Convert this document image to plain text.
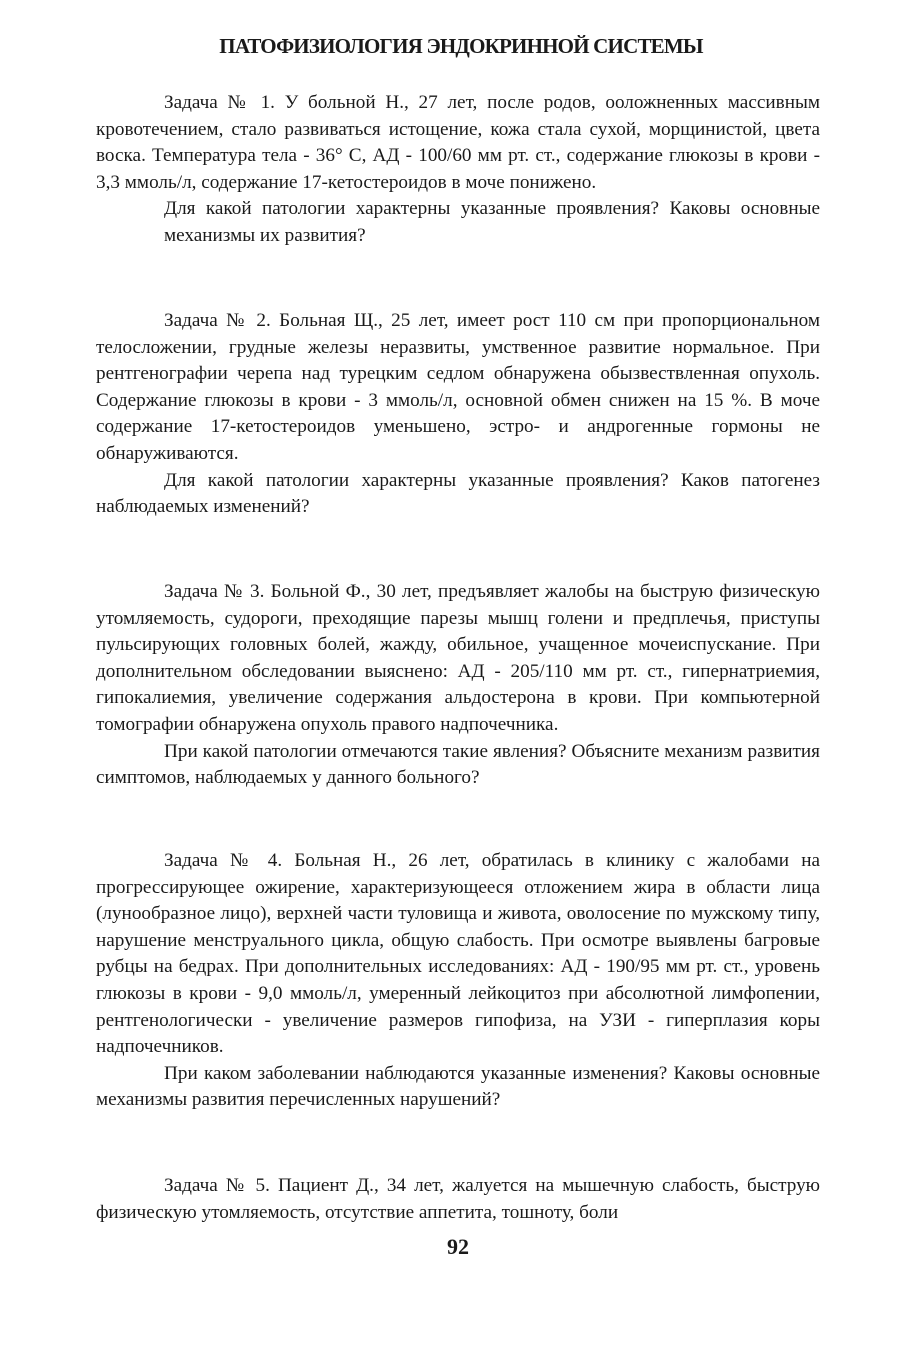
ПАТОФИЗИОЛОГИЯ ЭНДОКРИННОЙ СИСТЕМЫ

Задача № 1. У больной Н., 27 лет, после родов, ооложненных массивным кровотечением, стало развиваться истощение, кожа стала сухой, морщинистой, цвета воска. Температура тела - 36° С, АД - 100/60 мм рт. ст., содержание глюкозы в крови - 3,3 ммоль/л, содержание 17-кетостероидов в моче понижено.

Для какой патологии характерны указанные проявления? Каковы основные механизмы их развития?

Задача № 2. Больная Щ., 25 лет, имеет рост 110 см при пропорциональном телосложении, грудные железы неразвиты, умственное развитие нормальное. При рентгенографии черепа над турецким седлом обнаружена обызвествленная опухоль. Содержание глюкозы в крови - 3 ммоль/л, основной обмен снижен на 15 %. В моче содержание 17-кетостероидов уменьшено, эстро- и андрогенные гормоны не обнаруживаются.

Для какой патологии характерны указанные проявления? Каков патогенез наблюдаемых изменений?

Задача № 3. Больной Ф., 30 лет, предъявляет жалобы на быструю физическую утомляемость, судороги, преходящие парезы мышц голени и предплечья, приступы пульсирующих головных болей, жажду, обильное, учащенное мочеиспускание. При дополнительном обследовании выяснено: АД - 205/110 мм рт. ст., гипернатриемия, гипокалиемия, увеличение содержания альдостерона в крови. При компьютерной томографии обнаружена опухоль правого надпочечника.

При какой патологии отмечаются такие явления? Объясните механизм развития симптомов, наблюдаемых у данного больного?

Задача № 4. Больная Н., 26 лет, обратилась в клинику с жалобами на прогрессирующее ожирение, характеризующееся отложением жира в области лица (лунообразное лицо), верхней части туловища и живота, оволосение по мужскому типу, нарушение менструального цикла, общую слабость. При осмотре выявлены багровые рубцы на бедрах. При дополнительных исследованиях: АД - 190/95 мм рт. ст., уровень глюкозы в крови - 9,0 ммоль/л, умеренный лейкоцитоз при абсолютной лимфопении, рентгенологически - увеличение размеров гипофиза, на УЗИ - гиперплазия коры надпочечников.

При каком заболевании наблюдаются указанные изменения? Каковы основные механизмы развития перечисленных нарушений?

Задача № 5. Пациент Д., 34 лет, жалуется на мышечную слабость, быструю физическую утомляемость, отсутствие аппетита, тошноту, боли

92
